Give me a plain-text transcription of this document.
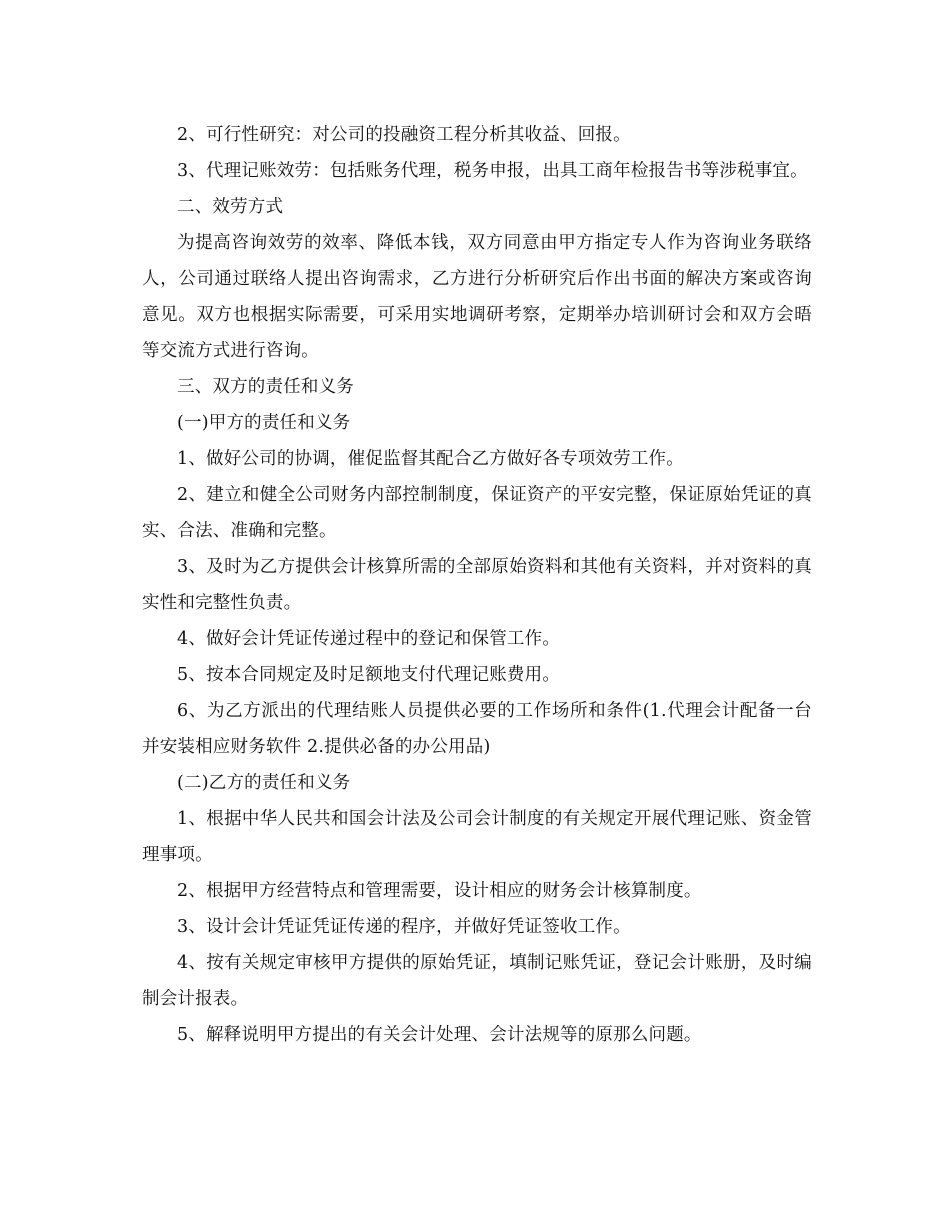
2、可行性研究：对公司的投融资工程分析其收益、回报。

3、代理记账效劳：包括账务代理，税务申报，出具工商年检报告书等涉税事宜。

二、效劳方式

为提高咨询效劳的效率、降低本钱，双方同意由甲方指定专人作为咨询业务联络人，公司通过联络人提出咨询需求，乙方进行分析研究后作出书面的解决方案或咨询意见。双方也根据实际需要，可采用实地调研考察，定期举办培训研讨会和双方会晤等交流方式进行咨询。

三、双方的责任和义务

(一)甲方的责任和义务

1、做好公司的协调，催促监督其配合乙方做好各专项效劳工作。

2、建立和健全公司财务内部控制制度，保证资产的平安完整，保证原始凭证的真实、合法、准确和完整。

3、及时为乙方提供会计核算所需的全部原始资料和其他有关资料，并对资料的真实性和完整性负责。

4、做好会计凭证传递过程中的登记和保管工作。

5、按本合同规定及时足额地支付代理记账费用。

6、为乙方派出的代理结账人员提供必要的工作场所和条件(1.代理会计配备一台并安装相应财务软件 2.提供必备的办公用品)

(二)乙方的责任和义务

1、根据中华人民共和国会计法及公司会计制度的有关规定开展代理记账、资金管理事项。

2、根据甲方经营特点和管理需要，设计相应的财务会计核算制度。

3、设计会计凭证凭证传递的程序，并做好凭证签收工作。

4、按有关规定审核甲方提供的原始凭证，填制记账凭证，登记会计账册，及时编制会计报表。

5、解释说明甲方提出的有关会计处理、会计法规等的原那么问题。
